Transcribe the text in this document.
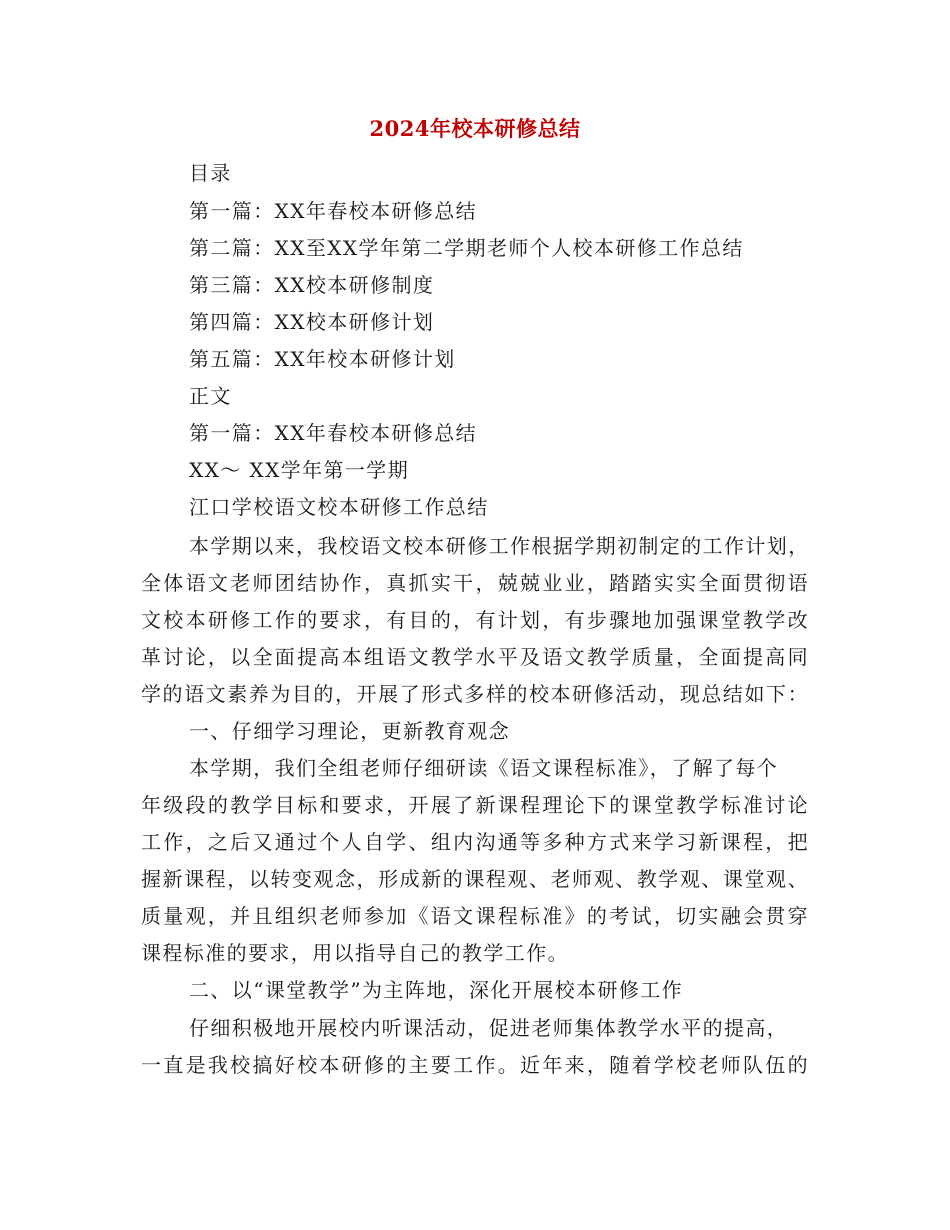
2024年校本研修总结
目录
第一篇：XX年春校本研修总结
第二篇：XX至XX学年第二学期老师个人校本研修工作总结
第三篇：XX校本研修制度
第四篇：XX校本研修计划
第五篇：XX年校本研修计划
正文
第一篇：XX年春校本研修总结
XX～ XX学年第一学期
江口学校语文校本研修工作总结
本学期以来，我校语文校本研修工作根据学期初制定的工作计划，
全体语文老师团结协作，真抓实干，兢兢业业，踏踏实实全面贯彻语
文校本研修工作的要求，有目的，有计划，有步骤地加强课堂教学改
革讨论，以全面提高本组语文教学水平及语文教学质量，全面提高同
学的语文素养为目的，开展了形式多样的校本研修活动，现总结如下：
一、仔细学习理论，更新教育观念
本学期，我们全组老师仔细研读《语文课程标准》，了解了每个
年级段的教学目标和要求，开展了新课程理论下的课堂教学标准讨论
工作，之后又通过个人自学、组内沟通等多种方式来学习新课程，把
握新课程，以转变观念，形成新的课程观、老师观、教学观、课堂观、
质量观，并且组织老师参加《语文课程标准》的考试，切实融会贯穿
课程标准的要求，用以指导自己的教学工作。
二、以“课堂教学”为主阵地，深化开展校本研修工作
仔细积极地开展校内听课活动，促进老师集体教学水平的提高，
一直是我校搞好校本研修的主要工作。近年来，随着学校老师队伍的
